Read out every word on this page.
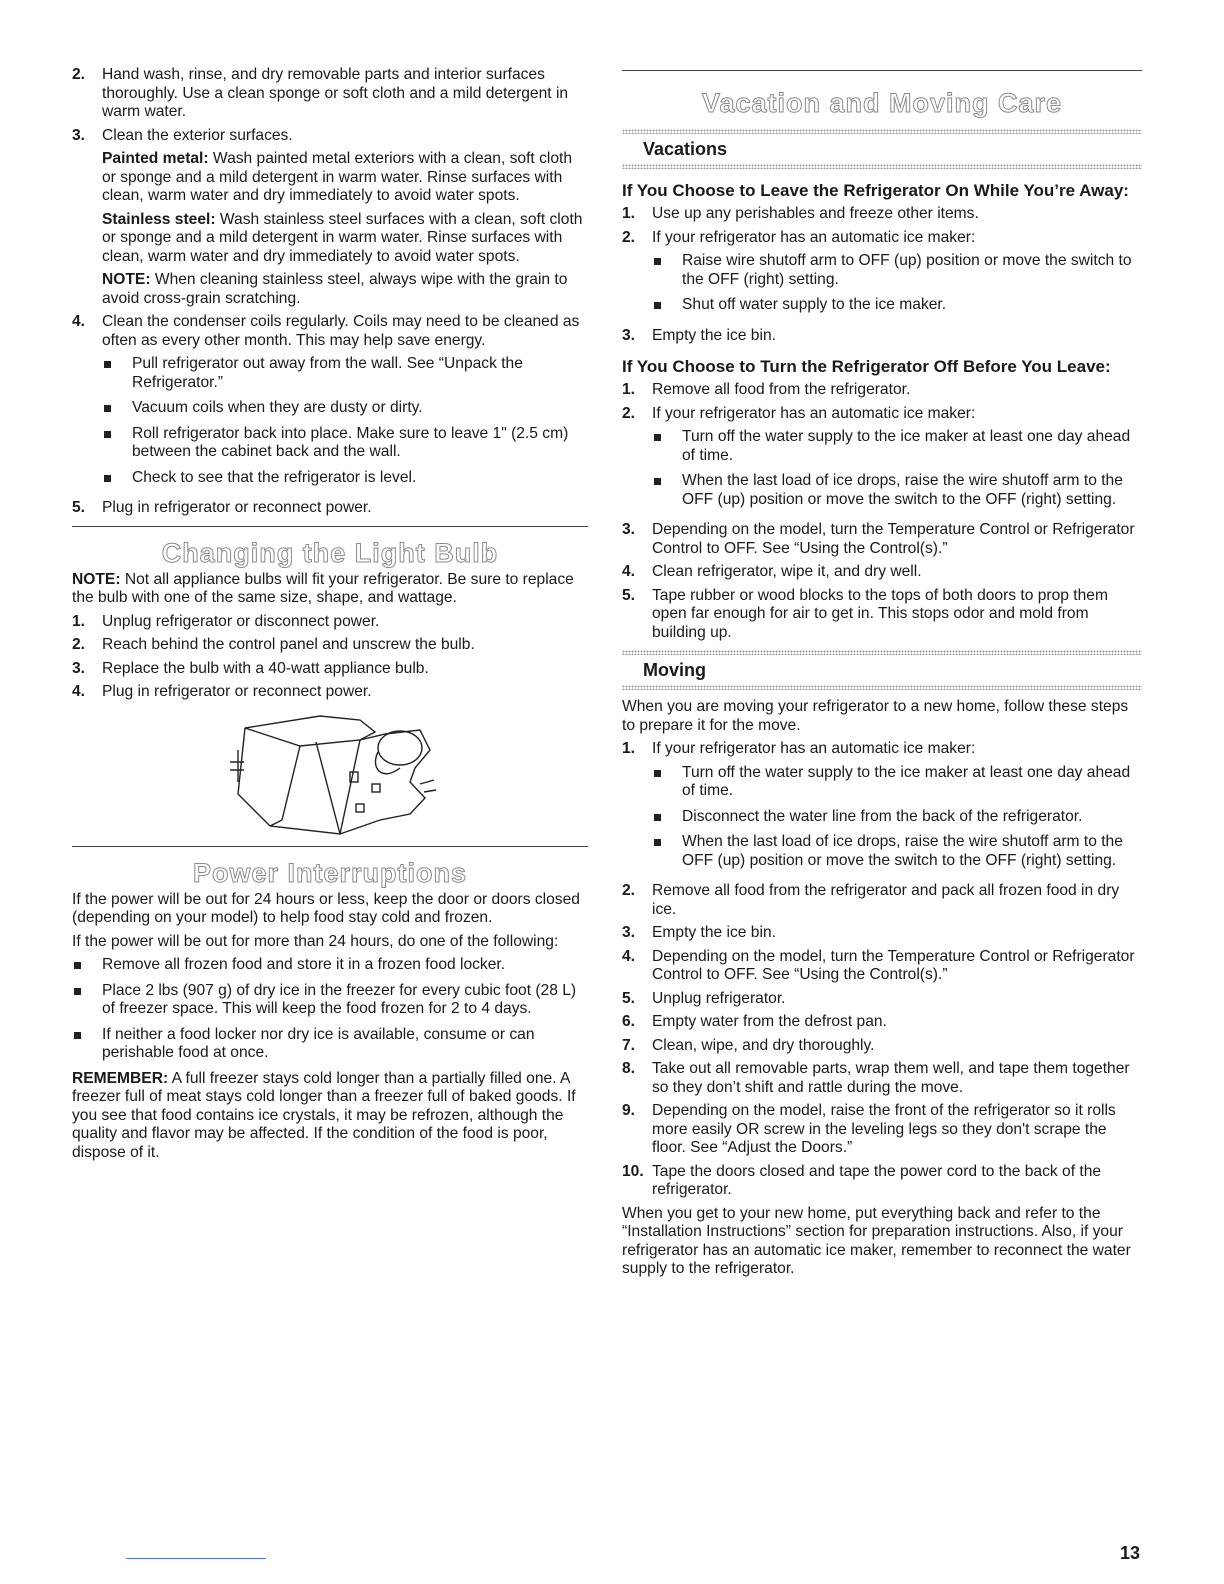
2.	Hand wash, rinse, and dry removable parts and interior surfaces thoroughly. Use a clean sponge or soft cloth and a mild detergent in warm water.

3.	Clean the exterior surfaces.

Painted metal: Wash painted metal exteriors with a clean, soft cloth or sponge and a mild detergent in warm water. Rinse surfaces with clean, warm water and dry immediately to avoid water spots.

Stainless steel: Wash stainless steel surfaces with a clean, soft cloth or sponge and a mild detergent in warm water. Rinse surfaces with clean, warm water and dry immediately to avoid water spots.

NOTE: When cleaning stainless steel, always wipe with the grain to avoid cross-grain scratching.

4.	Clean the condenser coils regularly. Coils may need to be cleaned as often as every other month. This may help save energy.

Pull refrigerator out away from the wall. See “Unpack the Refrigerator.”

Vacuum coils when they are dusty or dirty.

Roll refrigerator back into place. Make sure to leave 1" (2.5 cm) between the cabinet back and the wall.

Check to see that the refrigerator is level.

5.	Plug in refrigerator or reconnect power.

Changing the Light Bulb

NOTE: Not all appliance bulbs will fit your refrigerator. Be sure to replace the bulb with one of the same size, shape, and wattage.

1.	Unplug refrigerator or disconnect power.

2.	Reach behind the control panel and unscrew the bulb.

3.	Replace the bulb with a 40-watt appliance bulb.

4.	Plug in refrigerator or reconnect power.

Power Interruptions

If the power will be out for 24 hours or less, keep the door or doors closed (depending on your model) to help food stay cold and frozen.

If the power will be out for more than 24 hours, do one of the following:

Remove all frozen food and store it in a frozen food locker.

Place 2 lbs (907 g) of dry ice in the freezer for every cubic foot (28 L) of freezer space. This will keep the food frozen for 2 to 4 days.

If neither a food locker nor dry ice is available, consume or can perishable food at once.

REMEMBER: A full freezer stays cold longer than a partially filled one. A freezer full of meat stays cold longer than a freezer full of baked goods. If you see that food contains ice crystals, it may be refrozen, although the quality and flavor may be affected. If the condition of the food is poor, dispose of it.

Vacation and Moving Care
Vacations
If You Choose to Leave the Refrigerator On While You’re Away:
1.	Use up any perishables and freeze other items.

2.	If your refrigerator has an automatic ice maker:

Raise wire shutoff arm to OFF (up) position or move the switch to the OFF (right) setting.

Shut off water supply to the ice maker.

3.	Empty the ice bin.

If You Choose to Turn the Refrigerator Off Before You Leave:
1.	Remove all food from the refrigerator.

2.	If your refrigerator has an automatic ice maker:

Turn off the water supply to the ice maker at least one day ahead of time.

When the last load of ice drops, raise the wire shutoff arm to the OFF (up) position or move the switch to the OFF (right) setting.

3.	Depending on the model, turn the Temperature Control or Refrigerator Control to OFF. See “Using the Control(s).”

4.	Clean refrigerator, wipe it, and dry well.

5.	Tape rubber or wood blocks to the tops of both doors to prop them open far enough for air to get in. This stops odor and mold from building up.

Moving

When you are moving your refrigerator to a new home, follow these steps to prepare it for the move.

1.	If your refrigerator has an automatic ice maker:

Turn off the water supply to the ice maker at least one day ahead of time.

Disconnect the water line from the back of the refrigerator.

When the last load of ice drops, raise the wire shutoff arm to the OFF (up) position or move the switch to the OFF (right) setting.

2.	Remove all food from the refrigerator and pack all frozen food in dry ice.

3.	Empty the ice bin.

4.	Depending on the model, turn the Temperature Control or Refrigerator Control to OFF. See “Using the Control(s).”

5.	Unplug refrigerator.

6.	Empty water from the defrost pan.

7.	Clean, wipe, and dry thoroughly.

8.	Take out all removable parts, wrap them well, and tape them together so they don’t shift and rattle during the move.

9.	Depending on the model, raise the front of the refrigerator so it rolls more easily OR screw in the leveling legs so they don't scrape the floor. See “Adjust the Doors.”

10. Tape the doors closed and tape the power cord to the back of the refrigerator.

When you get to your new home, put everything back and refer to the “Installation Instructions” section for preparation instructions. Also, if your refrigerator has an automatic ice maker, remember to reconnect the water supply to the refrigerator.

13
